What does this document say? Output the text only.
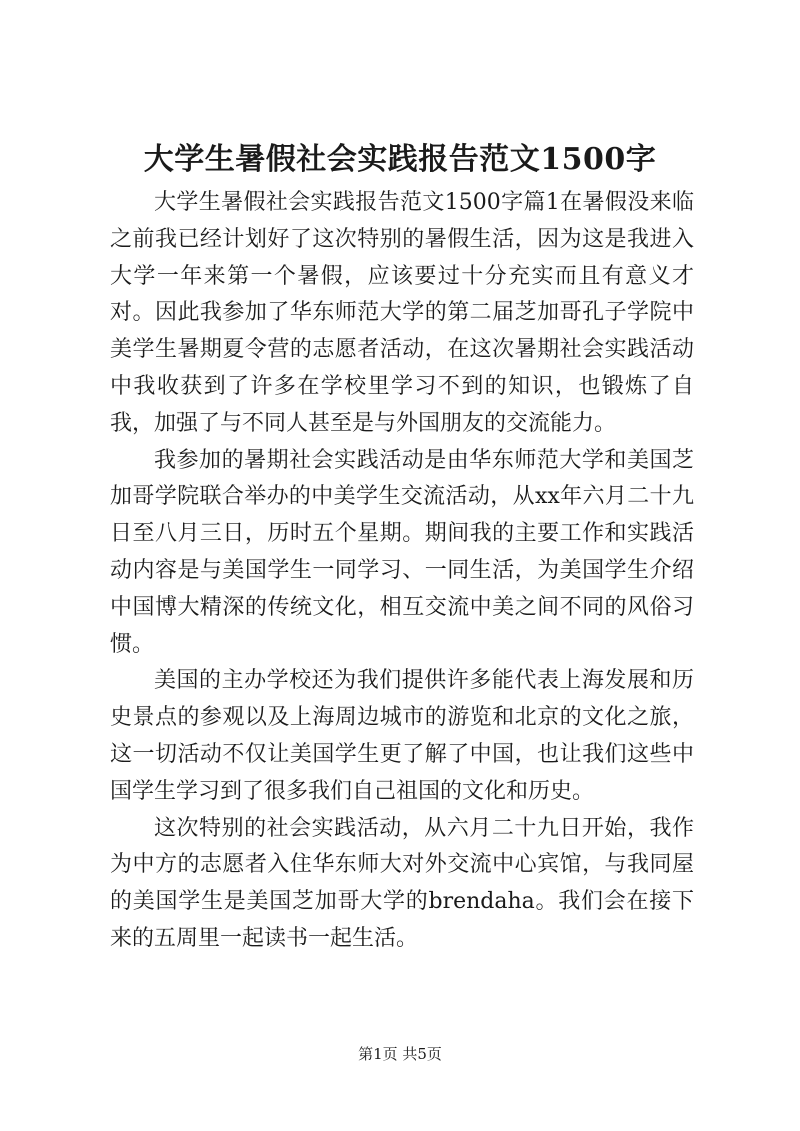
大学生暑假社会实践报告范文1500字

大学生暑假社会实践报告范文1500字篇1在暑假没来临之前我已经计划好了这次特别的暑假生活，因为这是我进入大学一年来第一个暑假，应该要过十分充实而且有意义才对。因此我参加了华东师范大学的第二届芝加哥孔子学院中美学生暑期夏令营的志愿者活动，在这次暑期社会实践活动中我收获到了许多在学校里学习不到的知识，也锻炼了自我，加强了与不同人甚至是与外国朋友的交流能力。

我参加的暑期社会实践活动是由华东师范大学和美国芝加哥学院联合举办的中美学生交流活动，从xx年六月二十九日至八月三日，历时五个星期。期间我的主要工作和实践活动内容是与美国学生一同学习、一同生活，为美国学生介绍中国博大精深的传统文化，相互交流中美之间不同的风俗习惯。

美国的主办学校还为我们提供许多能代表上海发展和历史景点的参观以及上海周边城市的游览和北京的文化之旅，这一切活动不仅让美国学生更了解了中国，也让我们这些中国学生学习到了很多我们自己祖国的文化和历史。

这次特别的社会实践活动，从六月二十九日开始，我作为中方的志愿者入住华东师大对外交流中心宾馆，与我同屋的美国学生是美国芝加哥大学的brendaha。我们会在接下来的五周里一起读书一起生活。

第1页 共5页
